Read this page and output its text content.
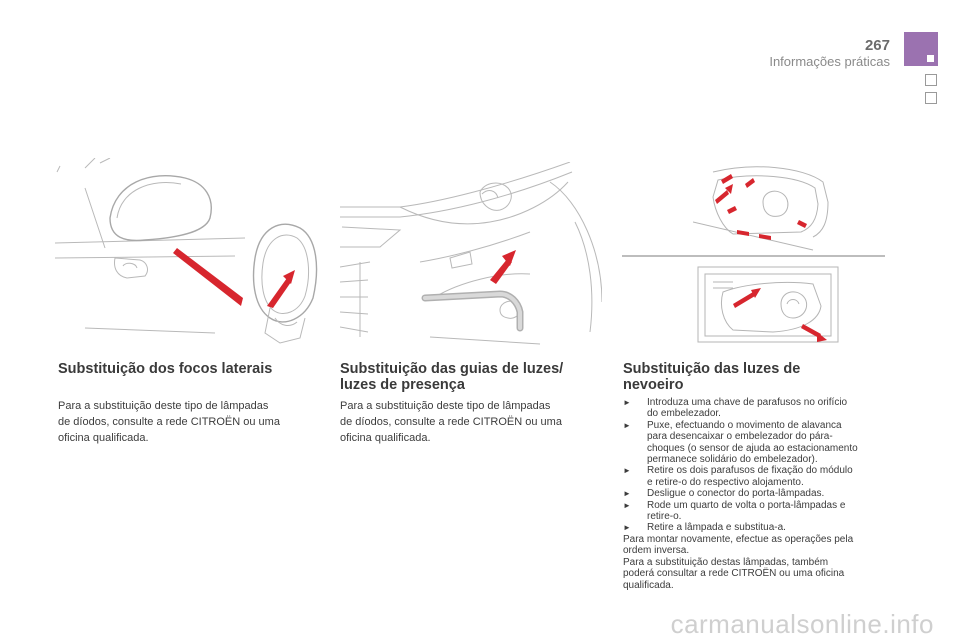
267
Informações práticas
Substituição dos focos laterais
Para a substituição deste tipo de lâmpadas
de díodos, consulte a rede CITROËN ou uma
oficina qualificada.
Substituição das guias de luzes/
luzes de presença
Para a substituição deste tipo de lâmpadas
de díodos, consulte a rede CITROËN ou uma
oficina qualificada.
Substituição das luzes de
nevoeiro
►	Introduza uma chave de parafusos no orifício
do embelezador.
►	Puxe, efectuando o movimento de alavanca
para desencaixar o embelezador do pára-
choques (o sensor de ajuda ao estacionamento
permanece solidário do embelezador).
►	Retire os dois parafusos de fixação do módulo
e retire-o do respectivo alojamento.
►	Desligue o conector do porta-lâmpadas.
►	Rode um quarto de volta o porta-lâmpadas e
retire-o.
►	Retire a lâmpada e substitua-a.
Para montar novamente, efectue as operações pela
ordem inversa.
Para a substituição destas lâmpadas, também
poderá consultar a rede CITROËN ou uma oficina
qualificada.
carmanualsonline.info
